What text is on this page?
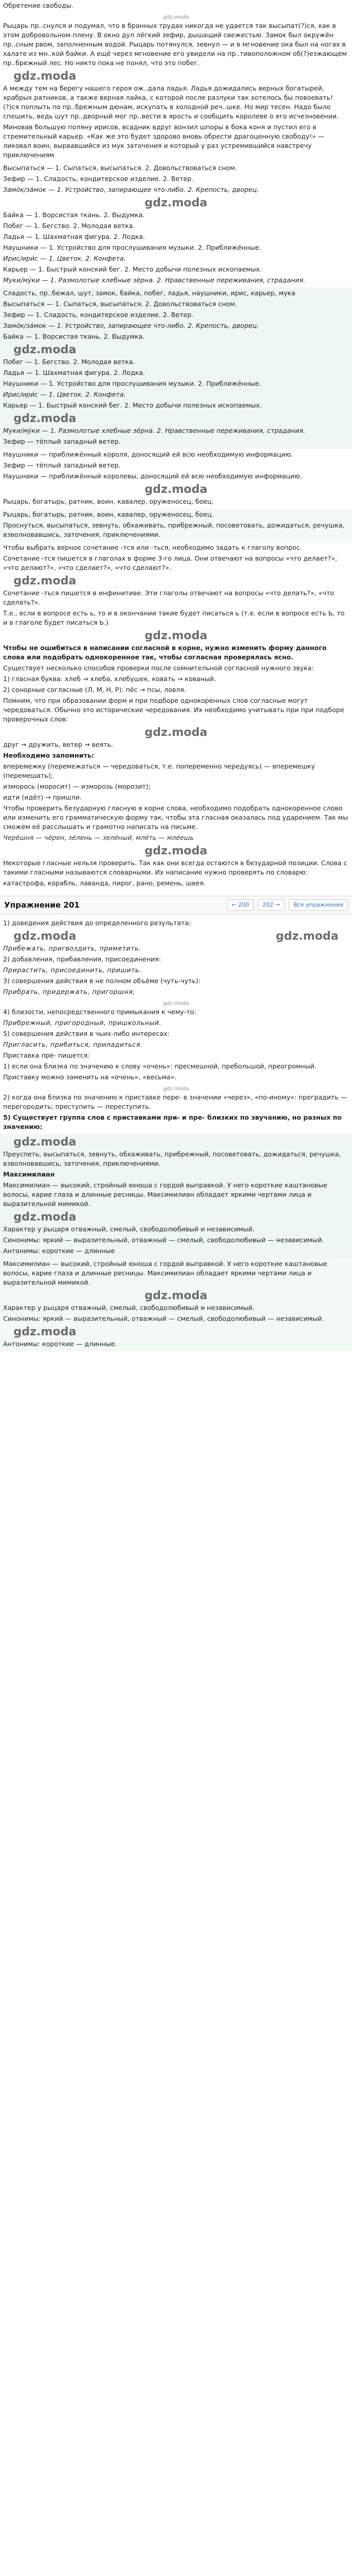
Обретение свободы.

gdz.moda

Рыцарь пр..снулся и подумал, что в бранных трудах никогда не удается так высыпат(?)ся, как в этом добровольном плену. В окно дул лёгкий зефир, дышащий свежестью. Замок был окружён пр..сным рвом, заполненным водой. Рыцарь потянулся, зевнул — и в мгновение ока был на ногах в халате из мн..кой байки. А ещё через мгновение его увидели на пр..тивоположном об(?)езжающем пр..брежный лес. Но никто пока не понял, что это побег.

gdz.moda

А между тем на берегу нашего героя ож..дала ладья. Ладья дожидались верных богатырей, храбрых ратников, а также верная лайка, с которой после разлуки так хотелось бы повоевать! (?)ся поплыть по пр..брежным дюнам, искупать в холодной реч..шке. Но мир тесен. Надо было спешить, ведь шут пр..дворный мог пр..вести в ярость и сообщить королеве о его исчезновении.

Миновав большую поляну ирисов, всадник вдруг вонзил шпоры в бока коня и пустил его в стремительный карьер. «Как же это будет здорово вновь обрести драгоценную свободу!» — ликовал воин, вырвавшийся из мук заточения и который у раз устремившийся навстречу приключениям

Высыпаться — 1. Сыпаться, высыпаться. 2. Довольствоваться сном.

Зефир — 1. Сладость, кондитерское изделие. 2. Ветер.

Замо́к/за́мок — 1. Устройство, запирающее что-либо. 2. Крепость, дворец.

gdz.moda

Байка — 1. Ворсистая ткань. 2. Выдумка.

Побег — 1. Бегство. 2. Молодая ветка.

Ладья — 1. Шахматная фигура. 2. Лодка.

Наушники — 1. Устройство для прослушивания музыки. 2. Приближённые.

Ирис/ири́с — 1. Цветок. 2. Конфета.

Карьер — 1. Быстрый конский бег. 2. Место добычи полезных ископаемых.

Муки/му́ки — 1. Размолотые хлебные зёрна. 2. Нравственные переживания, страдания.

Сладость, пр..бежал, шут, замок, байка, побег, ладья, наушники, ирис, карьер, мука

Высыпаться — 1. Сыпаться, высыпаться. 2. Довольствоваться сном.

Зефир — 1. Сладость, кондитерское изделие. 2. Ветер.

Замо́к/за́мок — 1. Устройство, запирающее что-либо. 2. Крепость, дворец.

Байка — 1. Ворсистая ткань. 2. Выдумка.

gdz.moda

Побег — 1. Бегство. 2. Молодая ветка.

Ладья — 1. Шахматная фигура. 2. Лодка.

Наушники — 1. Устройство для прослушивания музыки. 2. Приближённые.

Ирис/ири́с — 1. Цветок. 2. Конфета.

Карьер — 1. Быстрый конский бег. 2. Место добычи полезных ископаемых.

gdz.moda

Муки/му́ки — 1. Размолотые хлебные зёрна. 2. Нравственные переживания, страдания.

Зефир — тёплый западный ветер.

Наушники — приближённый короля, доносящий ей всю необходимую информацию.

Зефир — тёплый западный ветер.

Наушники — приближённый королевы, доносящий ей всю необходимую информацию.

gdz.moda

Рыцарь, богатырь, ратник, воин, кавалер, оруженосец, боец.

Рыцарь, богатырь, ратник, воин, кавалер, оруженосец, боец.

Проснуться, высыпаться, зевнуть, обхаживать, прибрежный, посоветовать, дожидаться, речушка, взволновавшись, заточения, приключениями.

Чтобы выбрать верное сочетание -тся или -ться, необходимо задать к глаголу вопрос.

Сочетание -тся пишется в глаголах в форме 3-го лица. Они отвечают на вопросы «что делает?», «что делают?», «что сделает?», «что сделают?».

gdz.moda

Сочетание -ться пишется в инфинитиве. Эти глаголы отвечают на вопросы «что делать?», «что сделать?».

Т.е., если в вопросе есть ь, то и в окончании такие будет писаться ь (т.е. если в вопросе есть Ь, то и в глаголе будет писаться Ь.)

gdz.moda

Чтобы не ошибиться в написании согласной в корне, нужно изменить форму данного слова или подобрать однокоренное так, чтобы согласная проверялась ясно.

Существует несколько способов проверки после сомнительной согласной нужного звука:

1) гласная буква: хлеб → хлеба, хлебушек, ковать → кованый.

2) сонорные согласные (Л, М, Н, Р): пёс → псы, ловля.

Помним, что при образовании форм и при подборе однокоренных слов согласные могут чередоваться. Обычно это исторические чередования. Их необходимо учитывать при при подборе проверочных слов:

gdz.moda

друг → дружить, ветер → веять.

Необходимо запомнить:

вперемежку (перемежаться — чередоваться, т.е. попеременно чередуясь) — вперемешку (перемешать);

изморось (моросит) — изморозь (морозит);

идти (идёт) → пришли.

Чтобы проверить безударную гласную в корне слова, необходимо подобрать однокоренное слово или изменить его грамматическую форму так, чтобы эта гласная оказалась под ударением. Так мы сможем её расслышать и грамотно написать на письме.

Чере́шня — че́рен, зе́лень — зелёный, мле́ть — мле́ешь

gdz.moda

Некоторые гласные нельзя проверить. Так как они всегда остаются в безударной позиции. Слова с такими гласными называются словарными. Их написание нужно проверять по словарю:

катастрофа, корабль, лаванда, пирог, рано, ремень, швея.

Упражнение 201	← 200	202 →	Все упражнения

1) доведения действия до определенного результата:

gdz.moda	gdz.moda

Прибежать, пригвоздить, приметить.

2) добавления, прибавления, присоединения:

Прирастить, присоединить, пришить.

3) совершения действия в не полном объёме (чуть-чуть):

Прибрать, придержать, пригоршня;

gdz.moda

4) близости, непосредственного примыкания к чему-то:

Прибрежный, пригородный, пришкольный.

5) совершения действия в чьих-либо интересах:

Пригласить, прибиться, приладиться.

Приставка пре- пишется:

1) если она близка по значению к слову «очень»: пресмешной, пребольшой, преогромный.

Приставку можно заменить на «очень», «весьма».

gdz.moda

2) когда она близка по значению к приставке пере- в значении «через», «по-иному»: преградить — перегородить; преступить — переступить.

5) Существует группа слов с приставками при- и пре- близких по звучанию, но разных по значению:

gdz.moda

Преуспеть, высыпаться, зевнуть, обхаживать, прибрежный, посоветовать, дожидаться, речушка, взволновавшись, заточения, приключениями.

Максимилиан

Максимилиан — высокий, стройный юноша с гордой выправкой. У него короткие каштановые волосы, карие глаза и длинные ресницы. Максимилиан обладает яркими чертами лица и выразительной мимикой.

gdz.moda

Характер у рыцаря отважный, смелый, свободолюбивый и независимый.

Синонимы: яркий — выразительный, отважный — смелый, свободолюбивый — независимый.

Антонимы: короткие — длинные

Максимилиан — высокий, стройный юноша с гордой выправкой. У него короткие каштановые волосы, карие глаза и длинные ресницы. Максимилиан обладает яркими чертами лица и выразительной мимикой.

gdz.moda

Характер у рыцаря отважный, смелый, свободолюбивый и независимый.

Синонимы: яркий — выразительный, отважный — смелый, свободолюбивый — независимый.

gdz.moda

Антонимы: короткие — длинные.
